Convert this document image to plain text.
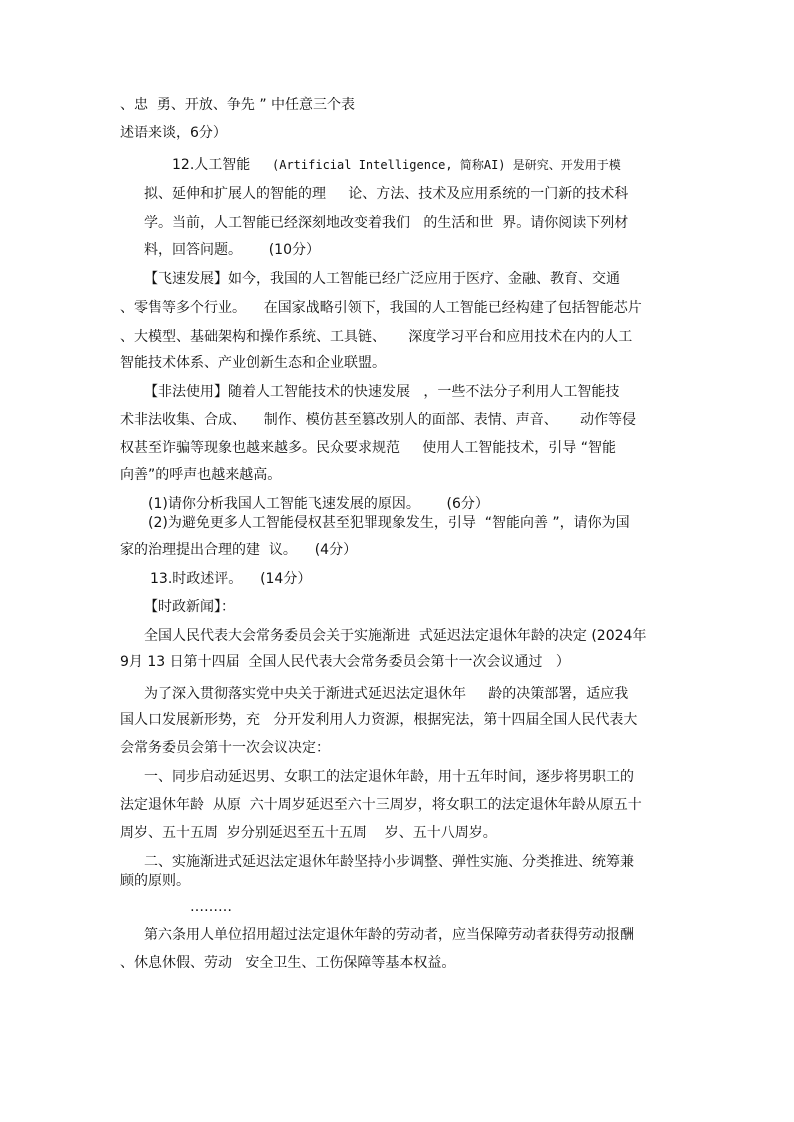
、忠  勇、开放、争先 ” 中任意三个表
述语来谈，6分）
12.人工智能 (Artificial Intelligence, 简称AI) 是研究、开发用于模
拟、延伸和扩展人的智能的理     论、方法、技术及应用系统的一门新的技术科
学。当前，人工智能已经深刻地改变着我们   的生活和世  界。请你阅读下列材
料，回答问题。      (10分）
【飞速发展】如今，我国的人工智能已经广泛应用于医疗、金融、教育、交通
、零售等多个行业。    在国家战略引领下，我国的人工智能已经构建了包括智能芯片
、大模型、基础架构和操作系统、工具链、     深度学习平台和应用技术在内的人工
智能技术体系、产业创新生态和企业联盟。
【非法使用】随着人工智能技术的快速发展   ，一些不法分子利用人工智能技
术非法收集、合成、    制作、模仿甚至篡改别人的面部、表情、声音、     动作等侵
权甚至诈骗等现象也越来越多。民众要求规范     使用人工智能技术，引导 “智能
向善”的呼声也越来越高。
(1)请你分析我国人工智能飞速发展的原因。      (6分）
(2)为避免更多人工智能侵权甚至犯罪现象发生，引导  “智能向善 ”，请你为国
家的治理提出合理的建  议。    (4分）
13.时政述评。    (14分）
【时政新闻】：
全国人民代表大会常务委员会关于实施渐进  式延迟法定退休年龄的决定 (2024年
9月 13 日第十四届  全国人民代表大会常务委员会第十一次会议通过   ）
为了深入贯彻落实党中央关于渐进式延迟法定退休年     龄的决策部署，适应我
国人口发展新形势，充   分开发利用人力资源，根据宪法，第十四届全国人民代表大
会常务委员会第十一次会议决定：
一、同步启动延迟男、女职工的法定退休年龄，用十五年时间，逐步将男职工的
法定退休年龄  从原  六十周岁延迟至六十三周岁，将女职工的法定退休年龄从原五十
周岁、五十五周  岁分别延迟至五十五周    岁、五十八周岁。
二、实施渐进式延迟法定退休年龄坚持小步调整、弹性实施、分类推进、统筹兼
顾的原则。
………
第六条用人单位招用超过法定退休年龄的劳动者，应当保障劳动者获得劳动报酬
、休息休假、劳动   安全卫生、工伤保障等基本权益。
